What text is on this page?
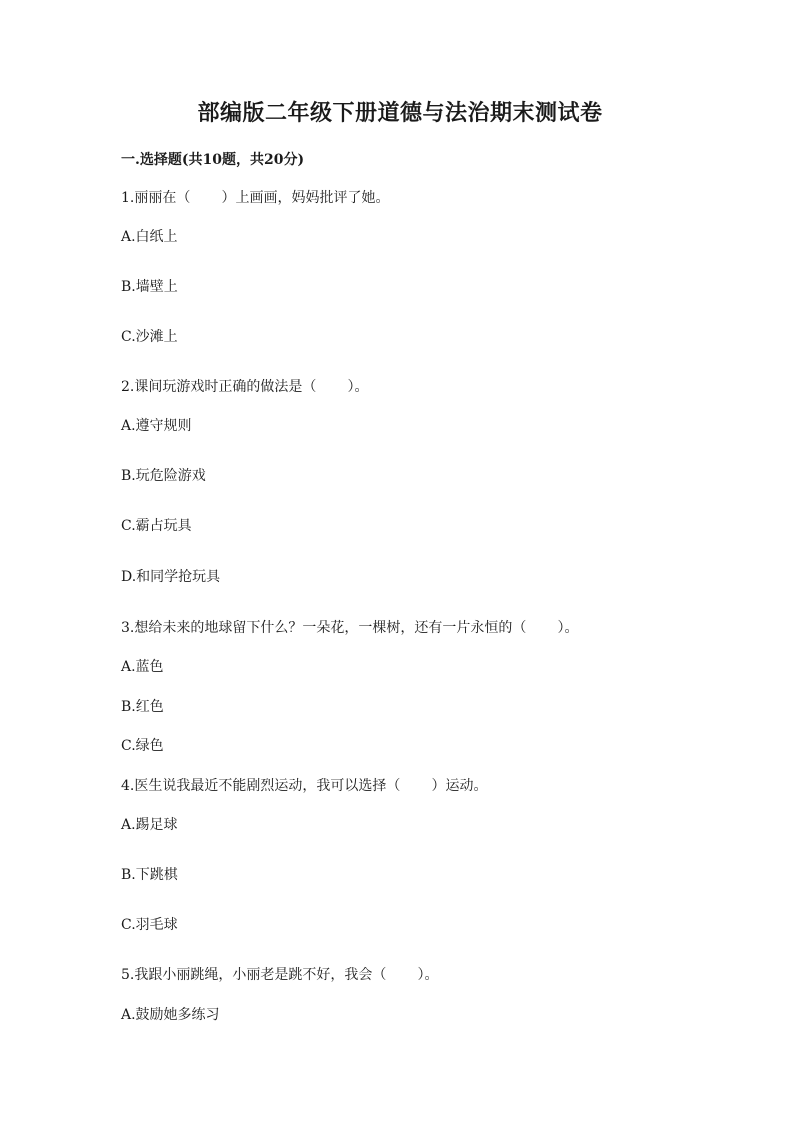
部编版二年级下册道德与法治期末测试卷

一.选择题(共10题，共20分)

1.丽丽在（       ）上画画，妈妈批评了她。

A.白纸上

B.墙壁上

C.沙滩上

2.课间玩游戏时正确的做法是（       ）。

A.遵守规则

B.玩危险游戏

C.霸占玩具

D.和同学抢玩具

3.想给未来的地球留下什么？一朵花，一棵树，还有一片永恒的（       ）。

A.蓝色

B.红色

C.绿色

4.医生说我最近不能剧烈运动，我可以选择（       ）运动。

A.踢足球

B.下跳棋

C.羽毛球

5.我跟小丽跳绳，小丽老是跳不好，我会（       ）。

A.鼓励她多练习
